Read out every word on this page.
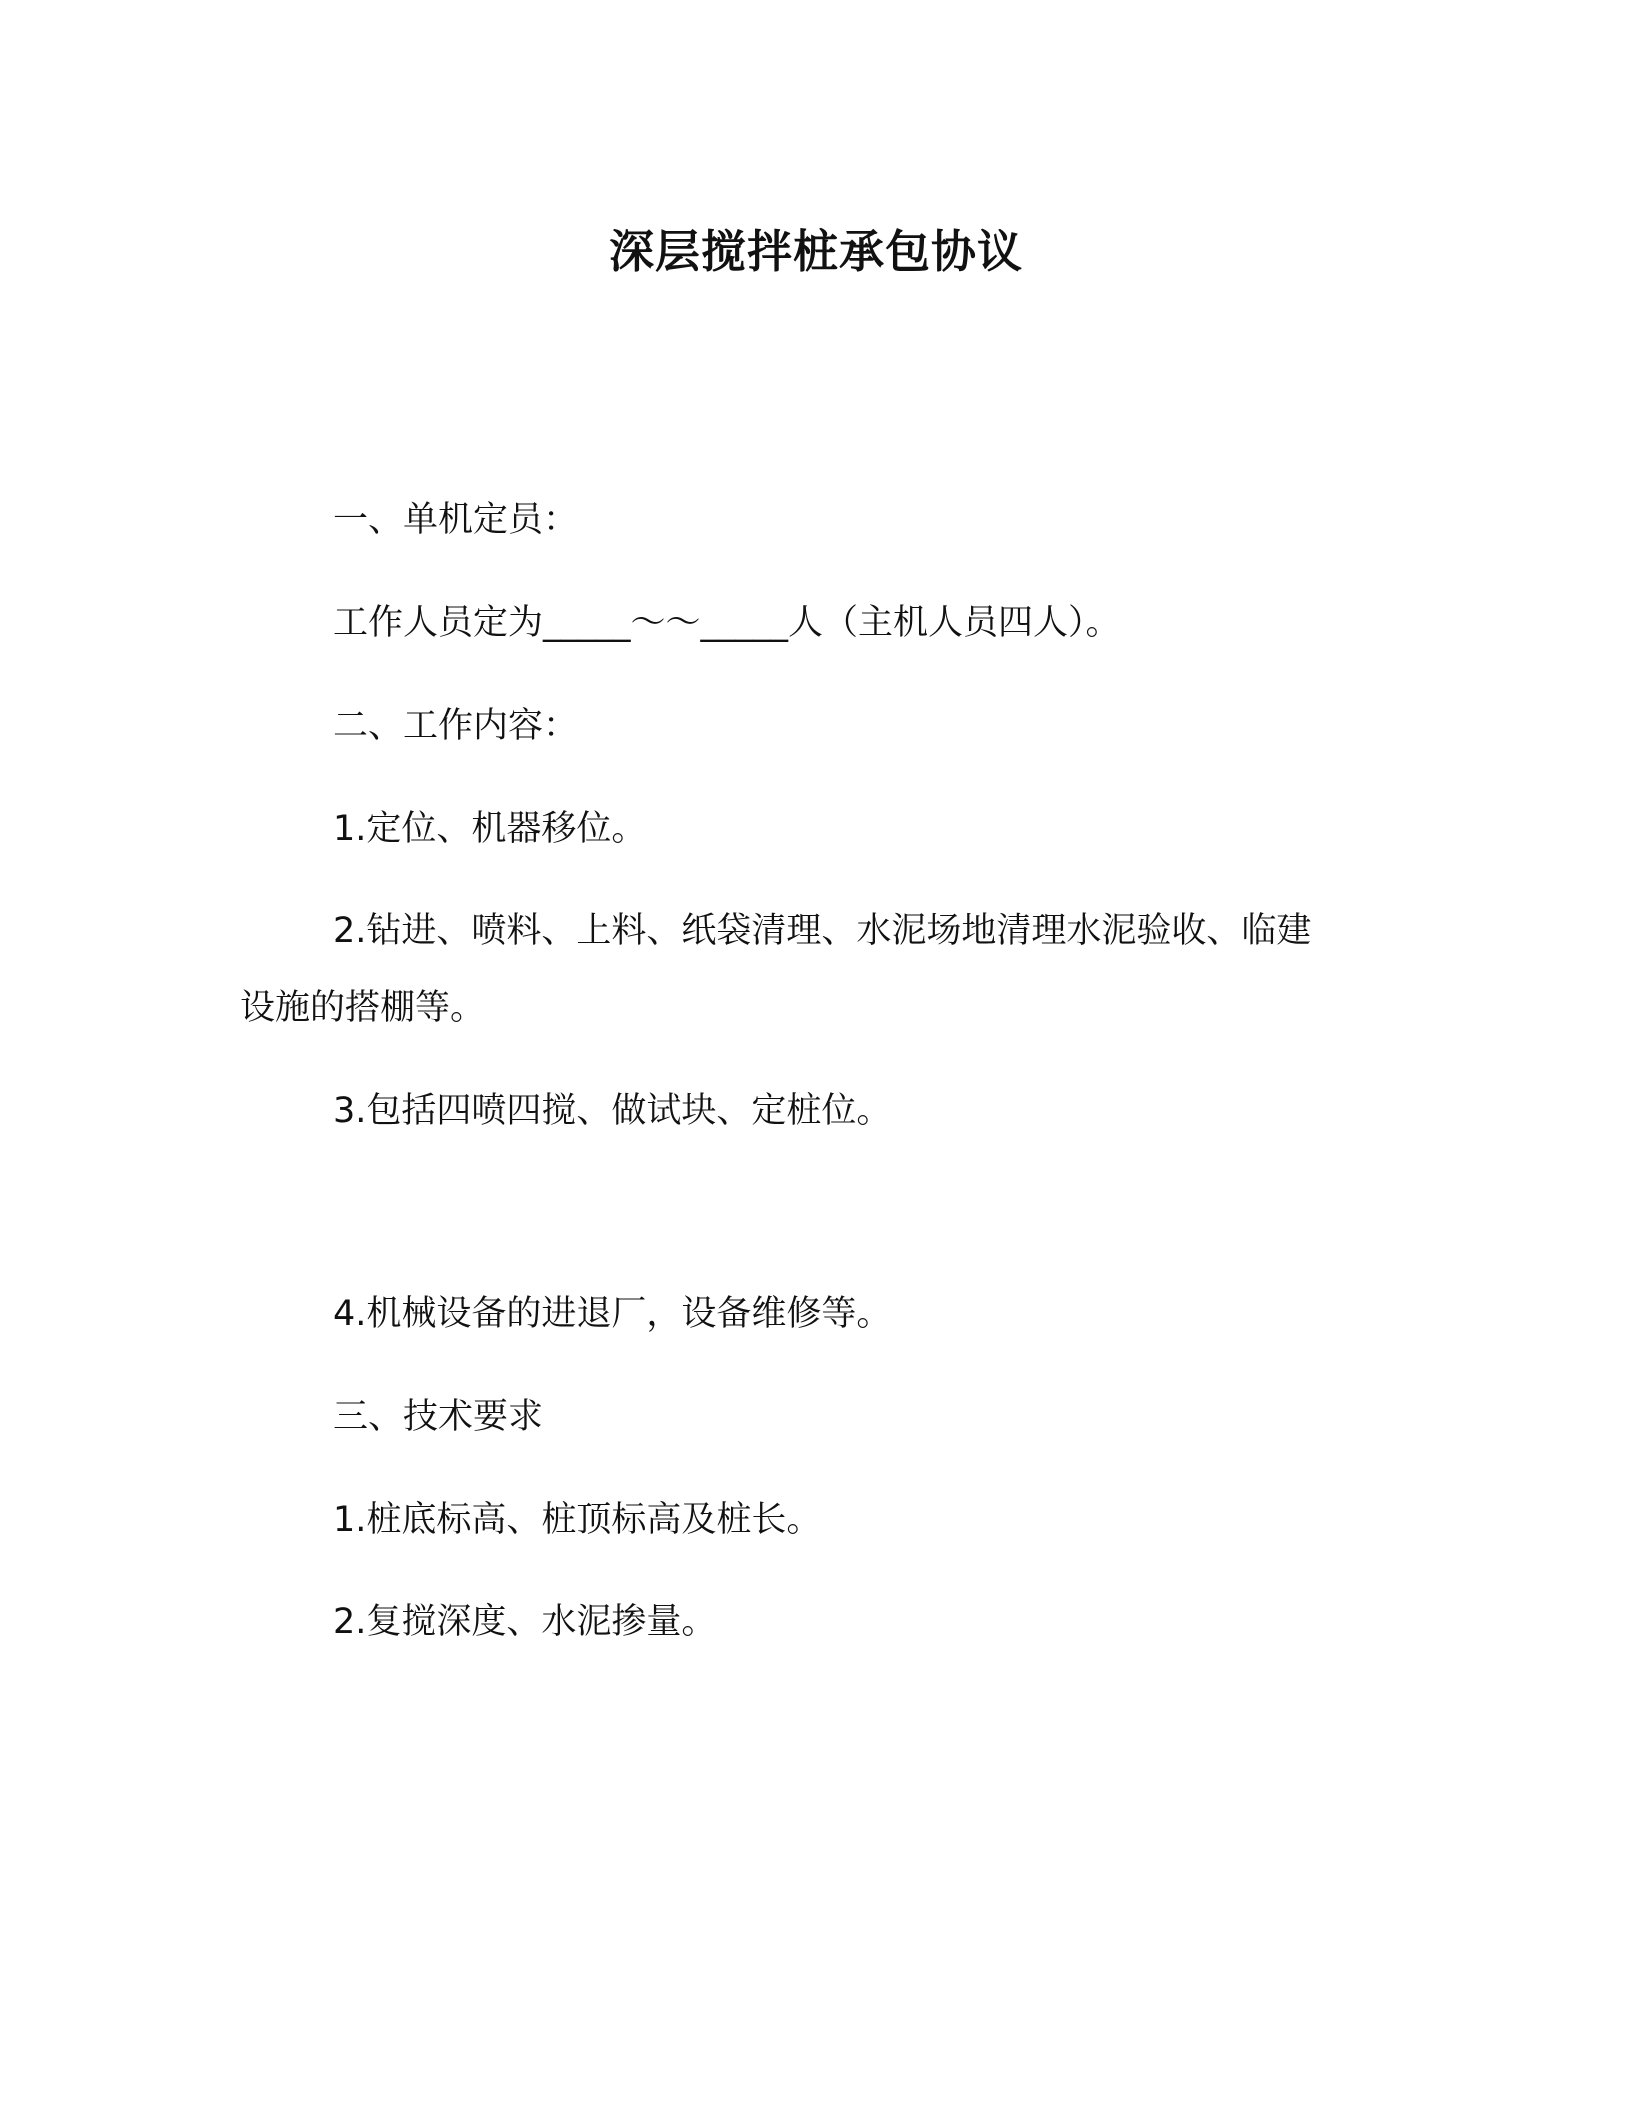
深层搅拌桩承包协议
一、单机定员：
工作人员定为_____～～_____人（主机人员四人）。
二、工作内容：
1.定位、机器移位。
2.钻进、喷料、上料、纸袋清理、水泥场地清理水泥验收、临建
设施的搭棚等。
3.包括四喷四搅、做试块、定桩位。
4.机械设备的进退厂，设备维修等。
三、技术要求
1.桩底标高、桩顶标高及桩长。
2.复搅深度、水泥掺量。
